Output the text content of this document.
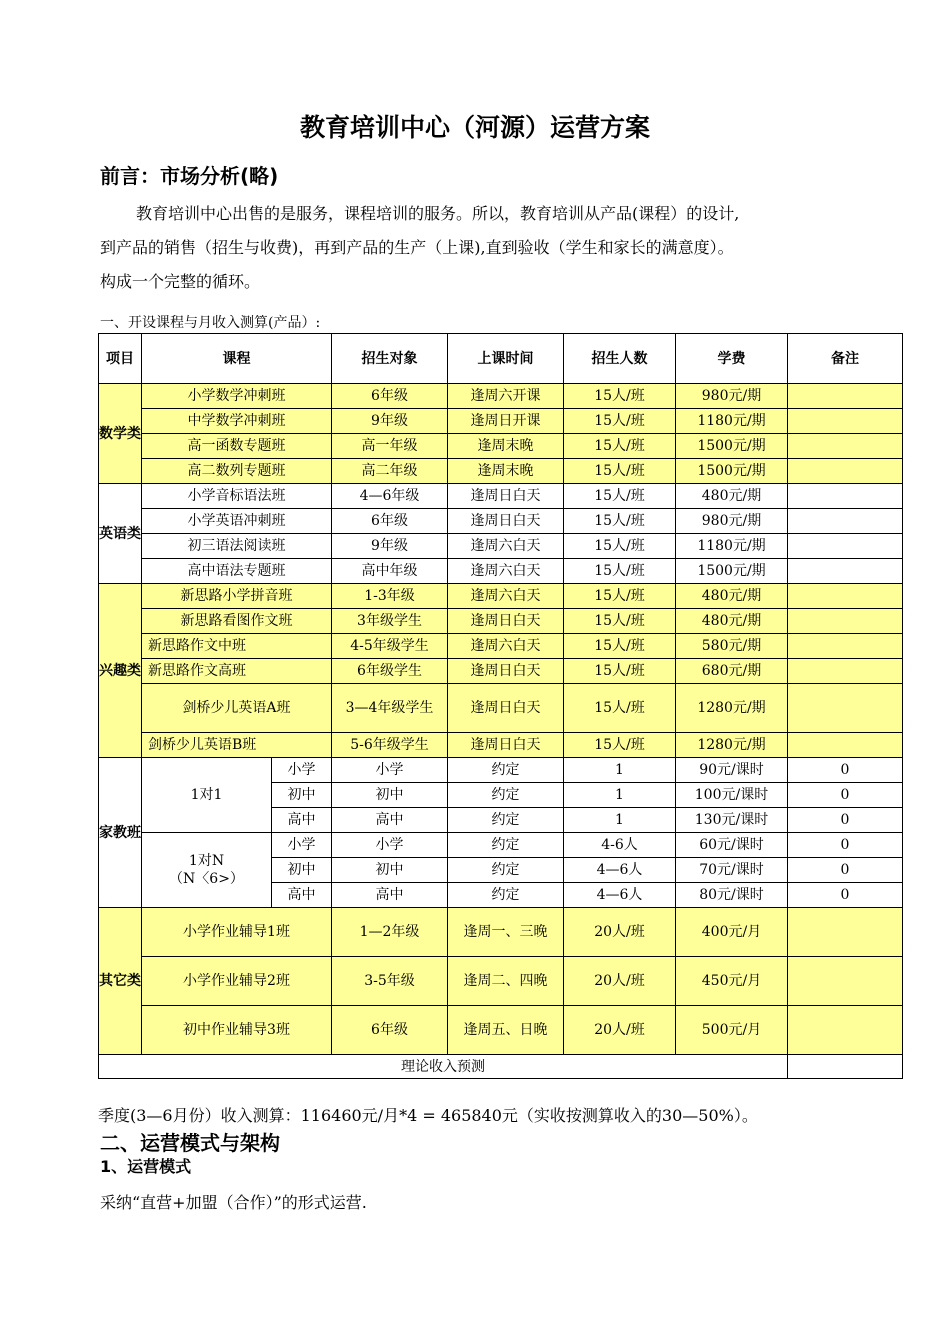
教育培训中心（河源）运营方案
前言：市场分析(略)

教育培训中心出售的是服务，课程培训的服务。所以，教育培训从产品(课程）的设计,

到产品的销售（招生与收费)，再到产品的生产（上课),直到验收（学生和家长的满意度）。

构成一个完整的循环。

一、开设课程与月收入测算(产品）:
项目	课程		招生对象	上课时间	招生人数	学费	备注
数学类	小学数学冲刺班		6年级	逢周六开课	15人/班	980元/期	
	中学数学冲刺班		9年级	逢周日开课	15人/班	1180元/期	
	高一函数专题班		高一年级	逢周末晚	15人/班	1500元/期	
	高二数列专题班		高二年级	逢周末晚	15人/班	1500元/期	
英语类	小学音标语法班		4—6年级	逢周日白天	15人/班	480元/期	
	小学英语冲刺班		6年级	逢周日白天	15人/班	980元/期	
	初三语法阅读班		9年级	逢周六白天	15人/班	1180元/期	
	高中语法专题班		高中年级	逢周六白天	15人/班	1500元/期	
兴趣类	新思路小学拼音班		1-3年级	逢周六白天	15人/班	480元/期	
	新思路看图作文班		3年级学生	逢周日白天	15人/班	480元/期	
	新思路作文中班		4-5年级学生	逢周六白天	15人/班	580元/期	
	新思路作文高班		6年级学生	逢周日白天	15人/班	680元/期	
	剑桥少儿英语A班		3—4年级学生	逢周日白天	15人/班	1280元/期	
	剑桥少儿英语B班		5-6年级学生	逢周日白天	15人/班	1280元/期	
家教班	1对1	小学	小学	约定	1	90元/课时	0
		初中	初中	约定	1	100元/课时	0
		高中	高中	约定	1	130元/课时	0

	1对N
（N〈6>）	小学	小学	约定	4-6人	60元/课时	0
		初中	初中	约定	4—6人	70元/课时	0
		高中	高中	约定	4—6人	80元/课时	0
其它类	小学作业辅导1班		1—2年级	逢周一、三晚	20人/班	400元/月	
	小学作业辅导2班		3-5年级	逢周二、四晚	20人/班	450元/月	
	初中作业辅导3班		6年级	逢周五、日晚	20人/班	500元/月	
理论收入预测							
季度(3—6月份）收入测算：116460元/月*4 = 465840元（实收按测算收入的30—50%）。
二、运营模式与架构
1、运营模式
采纳“直营+加盟（合作）”的形式运营.
